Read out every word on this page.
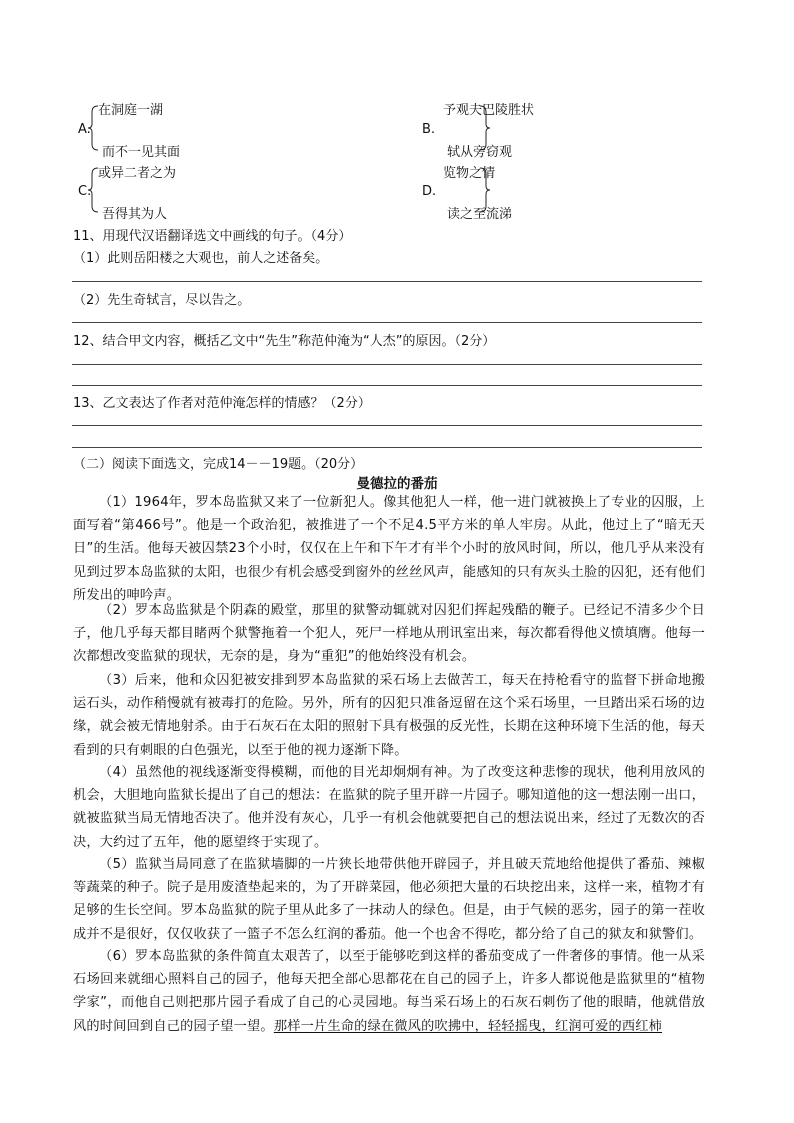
A.
在洞庭一湖
而不一见其面
B.
予观夫巴陵胜状
轼从旁窃观
C.
或异二者之为
吾得其为人
D.
览物之情
读之至流涕
11、用现代汉语翻译选文中画线的句子。（4分）
（1）此则岳阳楼之大观也，前人之述备矣。
（2）先生奇轼言，尽以告之。
12、结合甲文内容，概括乙文中“先生”称范仲淹为“人杰”的原因。（2分）
13、乙文表达了作者对范仲淹怎样的情感？（2分）
（二）阅读下面选文，完成14－－19题。（20分）
曼德拉的番茄
（1）1964年，罗本岛监狱又来了一位新犯人。像其他犯人一样，他一进门就被换上了专业的囚服，上面写着“第466号”。他是一个政治犯，被推进了一个不足4.5平方米的单人牢房。从此，他过上了“暗无天日”的生活。他每天被囚禁23个小时，仅仅在上午和下午才有半个小时的放风时间，所以，他几乎从来没有见到过罗本岛监狱的太阳，也很少有机会感受到窗外的丝丝风声，能感知的只有灰头土脸的囚犯，还有他们所发出的呻吟声。
（2）罗本岛监狱是个阴森的殿堂，那里的狱警动辄就对囚犯们挥起残酷的鞭子。已经记不清多少个日子，他几乎每天都目睹两个狱警拖着一个犯人，死尸一样地从刑讯室出来，每次都看得他义愤填膺。他每一次都想改变监狱的现状，无奈的是，身为“重犯”的他始终没有机会。
（3）后来，他和众囚犯被安排到罗本岛监狱的采石场上去做苦工，每天在持枪看守的监督下拼命地搬运石头，动作稍慢就有被毒打的危险。另外，所有的囚犯只准备逗留在这个采石场里，一旦踏出采石场的边缘，就会被无情地射杀。由于石灰石在太阳的照射下具有极强的反光性，长期在这种环境下生活的他，每天看到的只有刺眼的白色强光，以至于他的视力逐渐下降。
（4）虽然他的视线逐渐变得模糊，而他的目光却炯炯有神。为了改变这种悲惨的现状，他利用放风的机会，大胆地向监狱长提出了自己的想法：在监狱的院子里开辟一片园子。哪知道他的这一想法刚一出口，就被监狱当局无情地否决了。他并没有灰心，几乎一有机会他就要把自己的想法说出来，经过了无数次的否决，大约过了五年，他的愿望终于实现了。
（5）监狱当局同意了在监狱墙脚的一片狭长地带供他开辟园子，并且破天荒地给他提供了番茄、辣椒等蔬菜的种子。院子是用废渣垫起来的，为了开辟菜园，他必须把大量的石块挖出来，这样一来，植物才有足够的生长空间。罗本岛监狱的院子里从此多了一抹动人的绿色。但是，由于气候的恶劣，园子的第一茬收成并不是很好，仅仅收获了一篮子不怎么红润的番茄。他一个也舍不得吃，都分给了自己的狱友和狱警们。
（6）罗本岛监狱的条件简直太艰苦了，以至于能够吃到这样的番茄变成了一件奢侈的事情。他一从采石场回来就细心照料自己的园子，他每天把全部心思都花在自己的园子上，许多人都说他是监狱里的“植物学家”，而他自己则把那片园子看成了自己的心灵园地。每当采石场上的石灰石刺伤了他的眼睛，他就借放风的时间回到自己的园子望一望。那样一片生命的绿在微风的吹拂中，轻轻摇曳，红润可爱的西红柿
